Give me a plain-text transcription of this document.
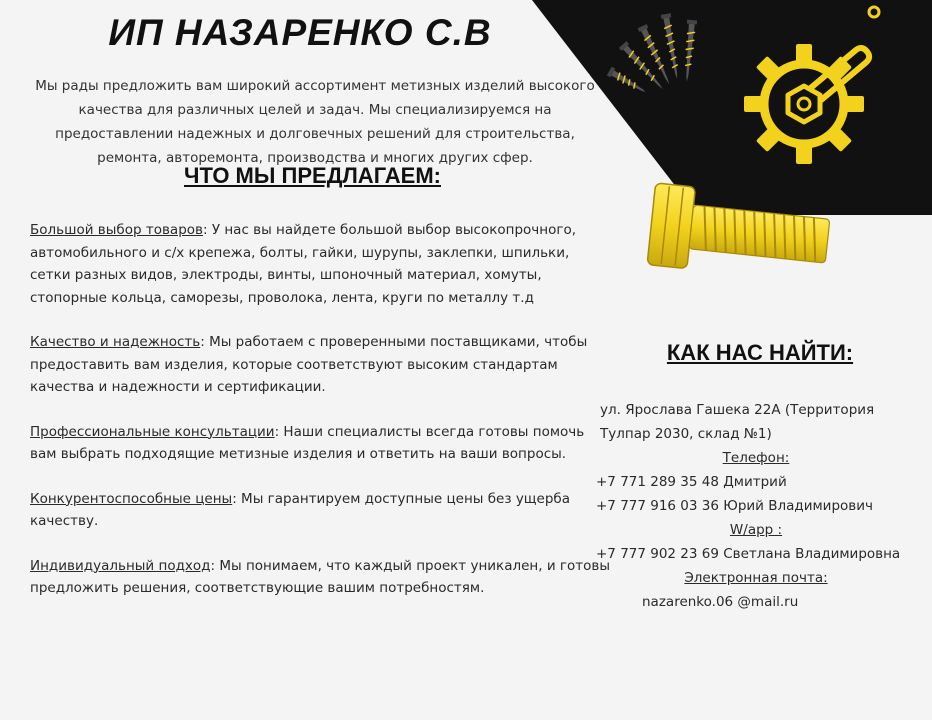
ИП НАЗАРЕНКО С.В
Мы рады предложить вам широкий ассортимент метизных изделий высокого качества для различных целей и задач. Мы специализируемся на предоставлении надежных и долговечных решений для строительства, ремонта, авторемонта, производства и многих других сфер.
ЧТО МЫ ПРЕДЛАГАЕМ:
Большой выбор товаров: У нас вы найдете большой выбор высокопрочного, автомобильного и с/х крепежа, болты, гайки, шурупы, заклепки, шпильки, сетки разных видов, электроды, винты, шпоночный материал, хомуты, стопорные кольца, саморезы, проволока, лента, круги по металлу т.д
Качество и надежность: Мы работаем с проверенными поставщиками, чтобы предоставить вам изделия, которые соответствуют высоким стандартам качества и надежности и сертификации.
Профессиональные консультации: Наши специалисты всегда готовы помочь вам выбрать подходящие метизные изделия и ответить на ваши вопросы.
Конкурентоспособные цены: Мы гарантируем доступные цены без ущерба качеству.
Индивидуальный подход: Мы понимаем, что каждый проект уникален, и готовы предложить решения, соответствующие вашим потребностям.
КАК НАС НАЙТИ:
ул. Ярослава Гашека 22А (Территория Тулпар 2030, склад №1)
Телефон:
+7 771 289 35 48 Дмитрий
+7 777 916 03 36 Юрий Владимирович
W/app :
+7 777 902 23 69 Светлана Владимировна
Электронная почта:
nazarenko.06 @mail.ru
